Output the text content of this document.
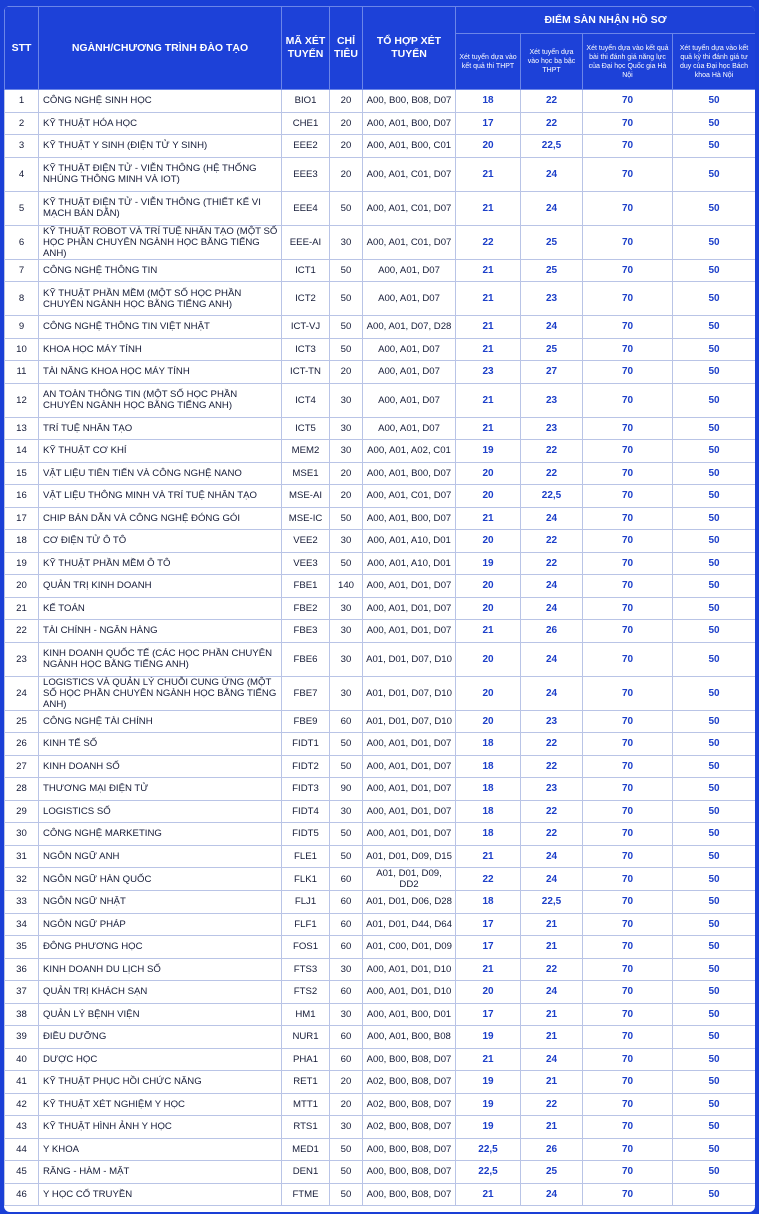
STT	NGÀNH/CHƯƠNG TRÌNH ĐÀO TẠO	MÃ XÉT TUYỂN	CHỈ TIÊU	TỔ HỢP XÉT TUYỂN	ĐIỂM SÀN NHẬN HỒ SƠ			
					Xét tuyển dựa vào kết quả thi THPT	Xét tuyển dựa vào học bạ bậc THPT	Xét tuyển dựa vào kết quả bài thi đánh giá năng lực của Đại học Quốc gia Hà Nội	Xét tuyển dựa vào kết quả kỳ thi đánh giá tư duy của Đại học Bách khoa Hà Nội
1	CÔNG NGHỆ SINH HỌC	BIO1	20	A00, B00, B08, D07	18	22	70	50
2	KỸ THUẬT HÓA HỌC	CHE1	20	A00, A01, B00, D07	17	22	70	50
3	KỸ THUẬT Y SINH (ĐIỆN TỬ Y SINH)	EEE2	20	A00, A01, B00, C01	20	22,5	70	50
4	KỸ THUẬT ĐIỆN TỬ - VIỄN THÔNG (HỆ THỐNG NHÚNG THÔNG MINH VÀ IOT)	EEE3	20	A00, A01, C01, D07	21	24	70	50
5	KỸ THUẬT ĐIỆN TỬ - VIỄN THÔNG (THIẾT KẾ VI MẠCH BÁN DẪN)	EEE4	50	A00, A01, C01, D07	21	24	70	50
6	KỸ THUẬT ROBOT VÀ TRÍ TUỆ NHÂN TẠO (MỘT SỐ HỌC PHẦN CHUYÊN NGÀNH HỌC BẰNG TIẾNG ANH)	EEE-AI	30	A00, A01, C01, D07	22	25	70	50
7	CÔNG NGHỆ THÔNG TIN	ICT1	50	A00, A01, D07	21	25	70	50
8	KỸ THUẬT PHẦN MỀM (MỘT SỐ HỌC PHẦN CHUYÊN NGÀNH HỌC BẰNG TIẾNG ANH)	ICT2	50	A00, A01, D07	21	23	70	50
9	CÔNG NGHỆ THÔNG TIN VIỆT NHẬT	ICT-VJ	50	A00, A01, D07, D28	21	24	70	50
10	KHOA HỌC MÁY TÍNH	ICT3	50	A00, A01, D07	21	25	70	50
11	TÀI NĂNG KHOA HỌC MÁY TÍNH	ICT-TN	20	A00, A01, D07	23	27	70	50
12	AN TOÀN THÔNG TIN (MỘT SỐ HỌC PHẦN CHUYÊN NGÀNH HỌC BẰNG TIẾNG ANH)	ICT4	30	A00, A01, D07	21	23	70	50
13	TRÍ TUỆ NHÂN TẠO	ICT5	30	A00, A01, D07	21	23	70	50
14	KỸ THUẬT CƠ KHÍ	MEM2	30	A00, A01, A02, C01	19	22	70	50
15	VẬT LIỆU TIÊN TIẾN VÀ CÔNG NGHỆ NANO	MSE1	20	A00, A01, B00, D07	20	22	70	50
16	VẬT LIỆU THÔNG MINH VÀ TRÍ TUỆ NHÂN TẠO	MSE-AI	20	A00, A01, C01, D07	20	22,5	70	50
17	CHIP BÁN DẪN VÀ CÔNG NGHỆ ĐÓNG GÓI	MSE-IC	50	A00, A01, B00, D07	21	24	70	50
18	CƠ ĐIỆN TỬ Ô TÔ	VEE2	30	A00, A01, A10, D01	20	22	70	50
19	KỸ THUẬT PHẦN MỀM Ô TÔ	VEE3	50	A00, A01, A10, D01	19	22	70	50
20	QUẢN TRỊ KINH DOANH	FBE1	140	A00, A01, D01, D07	20	24	70	50
21	KẾ TOÁN	FBE2	30	A00, A01, D01, D07	20	24	70	50
22	TÀI CHÍNH - NGÂN HÀNG	FBE3	30	A00, A01, D01, D07	21	26	70	50
23	KINH DOANH QUỐC TẾ (CÁC HỌC PHẦN CHUYÊN NGÀNH HỌC BẰNG TIẾNG ANH)	FBE6	30	A01, D01, D07, D10	20	24	70	50
24	LOGISTICS VÀ QUẢN LÝ CHUỖI CUNG ỨNG (MỘT SỐ HỌC PHẦN CHUYÊN NGÀNH HỌC BẰNG TIẾNG ANH)	FBE7	30	A01, D01, D07, D10	20	24	70	50
25	CÔNG NGHỆ TÀI CHÍNH	FBE9	60	A01, D01, D07, D10	20	23	70	50
26	KINH TẾ SỐ	FIDT1	50	A00, A01, D01, D07	18	22	70	50
27	KINH DOANH SỐ	FIDT2	50	A00, A01, D01, D07	18	22	70	50
28	THƯƠNG MẠI ĐIỆN TỬ	FIDT3	90	A00, A01, D01, D07	18	23	70	50
29	LOGISTICS SỐ	FIDT4	30	A00, A01, D01, D07	18	22	70	50
30	CÔNG NGHỆ MARKETING	FIDT5	50	A00, A01, D01, D07	18	22	70	50
31	NGÔN NGỮ ANH	FLE1	50	A01, D01, D09, D15	21	24	70	50
32	NGÔN NGỮ HÀN QUỐC	FLK1	60	A01, D01, D09, DD2	22	24	70	50
33	NGÔN NGỮ NHẬT	FLJ1	60	A01, D01, D06, D28	18	22,5	70	50
34	NGÔN NGỮ PHÁP	FLF1	60	A01, D01, D44, D64	17	21	70	50
35	ĐÔNG PHƯƠNG HỌC	FOS1	60	A01, C00, D01, D09	17	21	70	50
36	KINH DOANH DU LỊCH SỐ	FTS3	30	A00, A01, D01, D10	21	22	70	50
37	QUẢN TRỊ KHÁCH SẠN	FTS2	60	A00, A01, D01, D10	20	24	70	50
38	QUẢN LÝ BỆNH VIỆN	HM1	30	A00, A01, B00, D01	17	21	70	50
39	ĐIỀU DƯỠNG	NUR1	60	A00, A01, B00, B08	19	21	70	50
40	DƯỢC HỌC	PHA1	60	A00, B00, B08, D07	21	24	70	50
41	KỸ THUẬT PHỤC HỒI CHỨC NĂNG	RET1	20	A02, B00, B08, D07	19	21	70	50
42	KỸ THUẬT XÉT NGHIỆM Y HỌC	MTT1	20	A02, B00, B08, D07	19	22	70	50
43	KỸ THUẬT HÌNH ẢNH Y HỌC	RTS1	30	A02, B00, B08, D07	19	21	70	50
44	Y KHOA	MED1	50	A00, B00, B08, D07	22,5	26	70	50
45	RĂNG - HÀM - MẶT	DEN1	50	A00, B00, B08, D07	22,5	25	70	50
46	Y HỌC CỔ TRUYỀN	FTME	50	A00, B00, B08, D07	21	24	70	50
